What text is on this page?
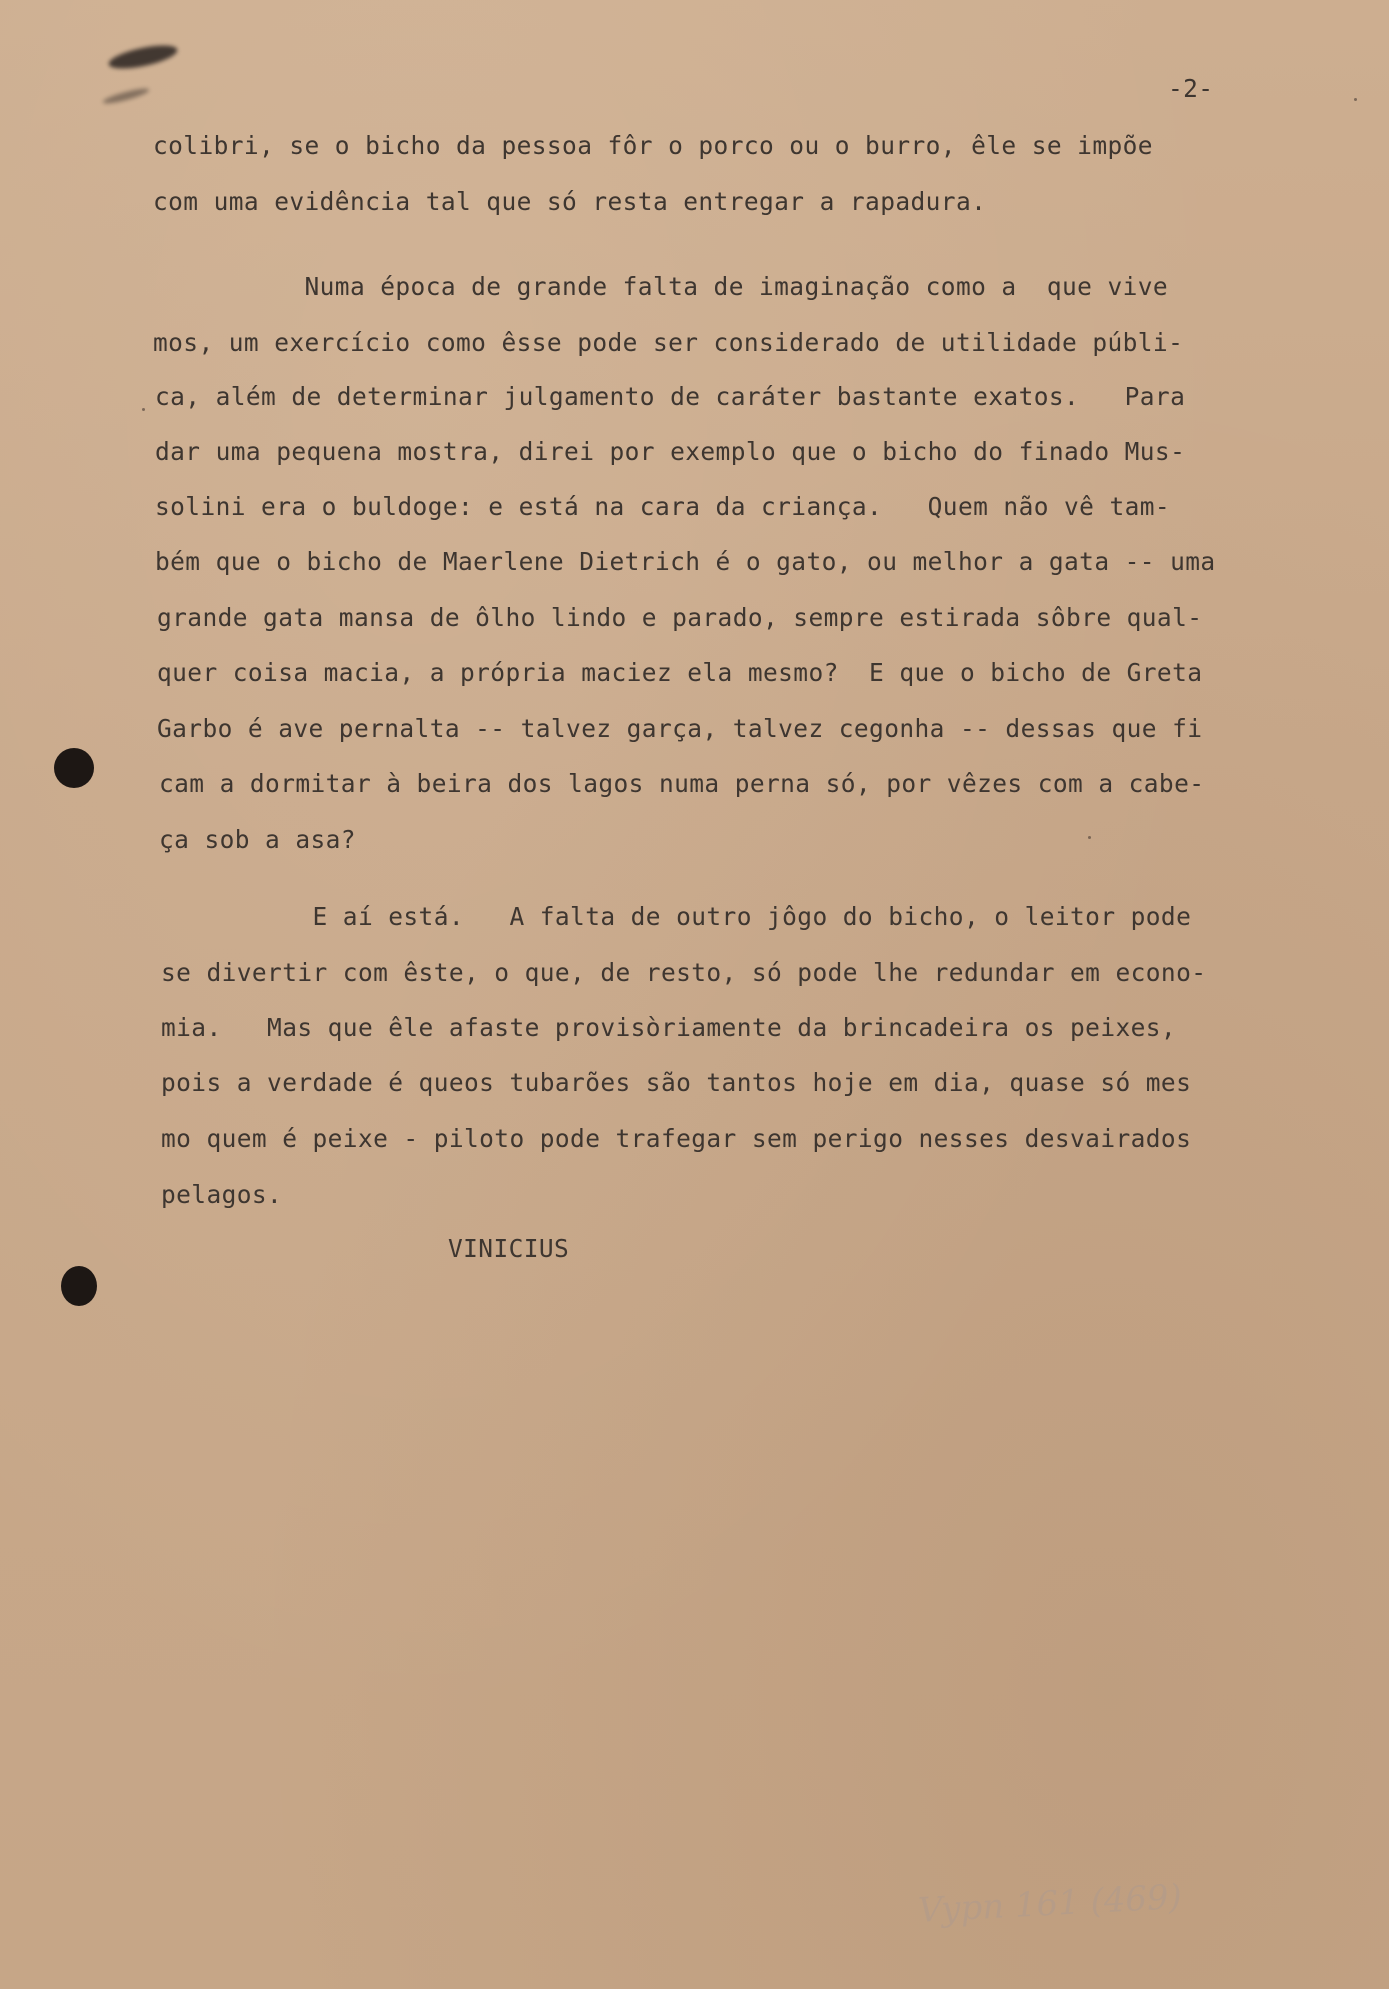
-2-
colibri, se o bicho da pessoa fôr o porco ou o burro, êle se impõe
com uma evidência tal que só resta entregar a rapadura.
Numa época de grande falta de imaginação como a  que vive
mos, um exercício como êsse pode ser considerado de utilidade públi-
ca, além de determinar julgamento de caráter bastante exatos.   Para
dar uma pequena mostra, direi por exemplo que o bicho do finado Mus-
solini era o buldoge: e está na cara da criança.   Quem não vê tam-
bém que o bicho de Maerlene Dietrich é o gato, ou melhor a gata -- uma
grande gata mansa de ôlho lindo e parado, sempre estirada sôbre qual-
quer coisa macia, a própria maciez ela mesmo?  E que o bicho de Greta
Garbo é ave pernalta -- talvez garça, talvez cegonha -- dessas que fi
cam a dormitar à beira dos lagos numa perna só, por vêzes com a cabe-
ça sob a asa?
E aí está.   A falta de outro jôgo do bicho, o leitor pode
se divertir com êste, o que, de resto, só pode lhe redundar em econo-
mia.   Mas que êle afaste provisòriamente da brincadeira os peixes,
pois a verdade é queos tubarões são tantos hoje em dia, quase só mes
mo quem é peixe - piloto pode trafegar sem perigo nesses desvairados
pelagos.
VINICIUS
Vypn 161 (469)
